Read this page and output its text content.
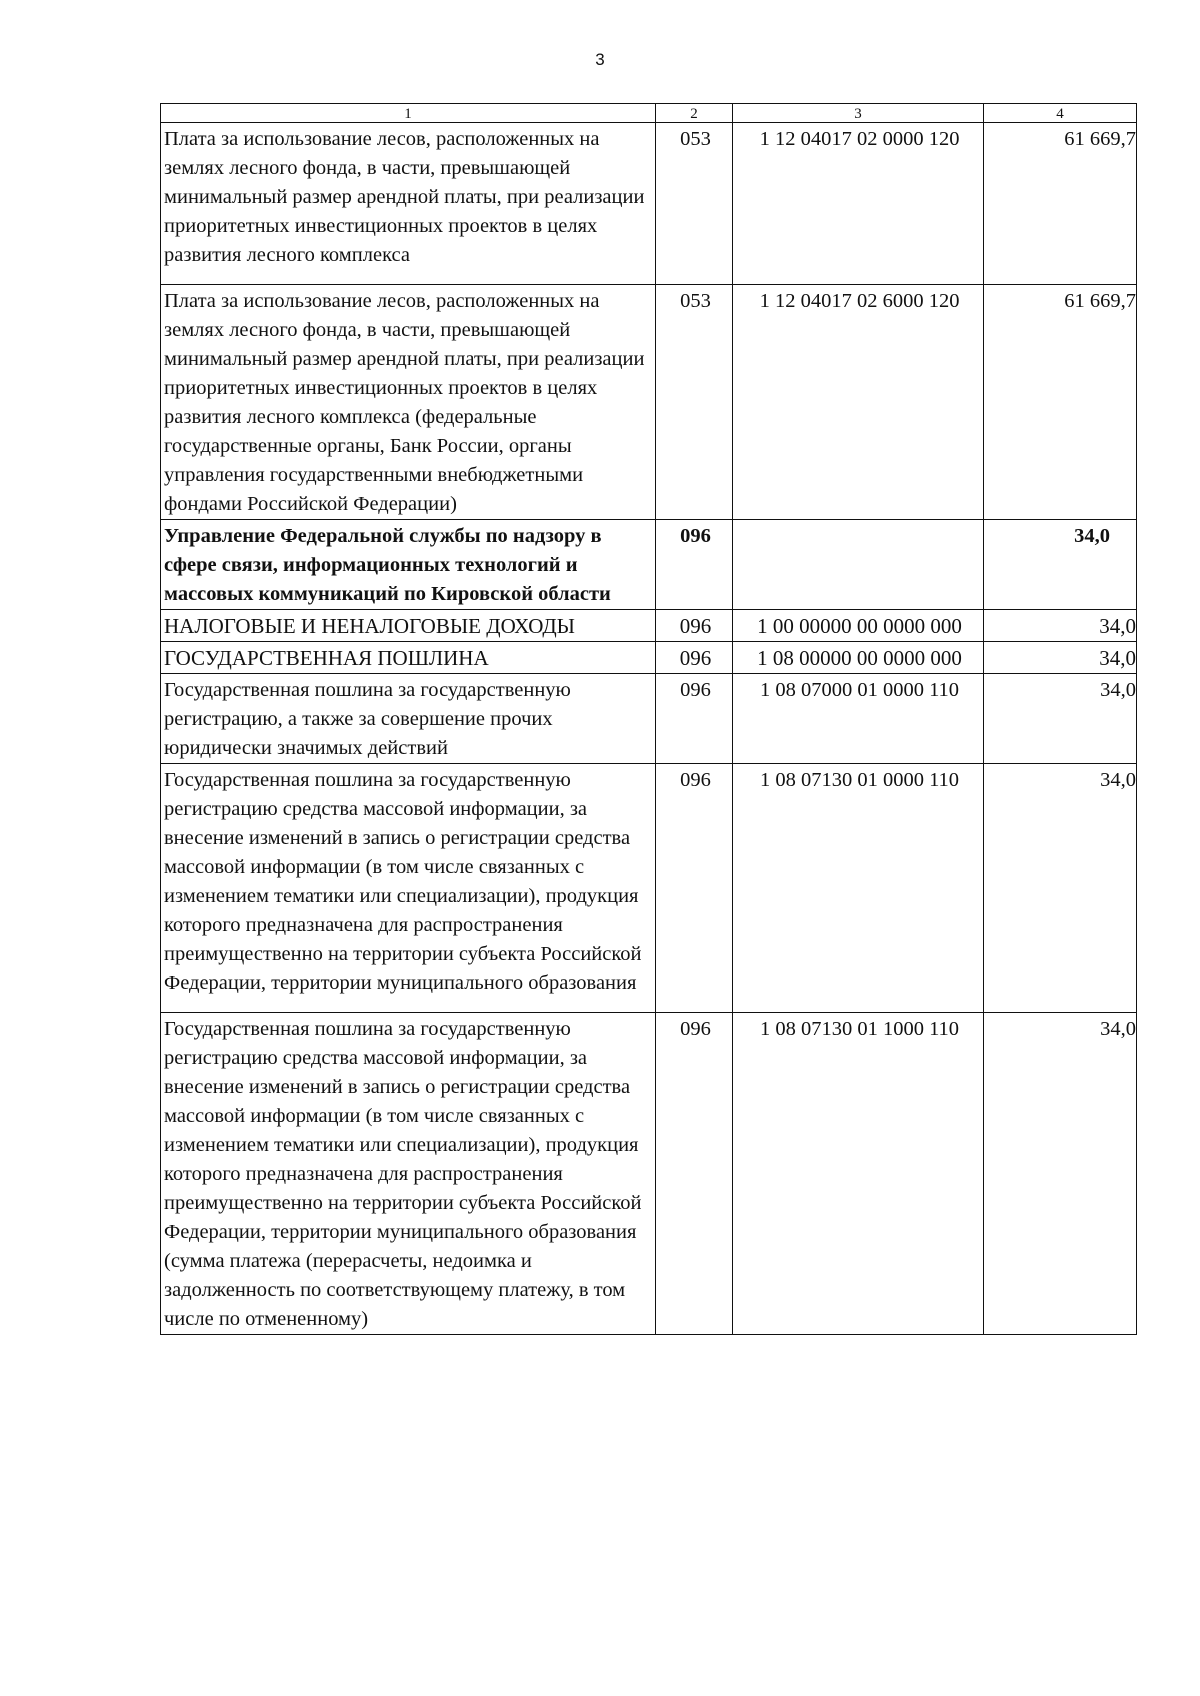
3
1	2	3	4
Плата за использование лесов, расположенных на землях лесного фонда, в части, превышающей минимальный размер арендной платы, при реализации приоритетных инвестиционных проектов в целях развития лесного комплекса	053	1 12 04017 02 0000 120	61 669,7
Плата за использование лесов, расположенных на землях лесного фонда, в части, превышающей минимальный размер арендной платы, при реализации приоритетных инвестиционных проектов в целях развития лесного комплекса (федеральные государственные органы, Банк России, органы управления государственными внебюджетными фондами Российской Федерации)	053	1 12 04017 02 6000 120	61 669,7
Управление Федеральной службы по надзору в сфере связи, информационных технологий и массовых коммуникаций по Кировской области	096		34,0
НАЛОГОВЫЕ И НЕНАЛОГОВЫЕ ДОХОДЫ	096	1 00 00000 00 0000 000	34,0
ГОСУДАРСТВЕННАЯ ПОШЛИНА	096	1 08 00000 00 0000 000	34,0
Государственная пошлина за государственную регистрацию, а также за совершение прочих юридически значимых действий	096	1 08 07000 01 0000 110	34,0
Государственная пошлина за государственную регистрацию средства массовой информации, за внесение изменений в запись о регистрации средства массовой информации (в том числе связанных с изменением тематики или специализации), продукция которого предназначена для распространения преимущественно на территории субъекта Российской Федерации, территории муниципального образования	096	1 08 07130 01 0000 110	34,0
Государственная пошлина за государственную регистрацию средства массовой информации, за внесение изменений в запись о регистрации средства массовой информации (в том числе связанных с изменением тематики или специализации), продукция которого предназначена для распространения преимущественно на территории субъекта Российской Федерации, территории муниципального образования (сумма платежа (перерасчеты, недоимка и задолженность по соответствующему платежу, в том числе по отмененному)	096	1 08 07130 01 1000 110	34,0
